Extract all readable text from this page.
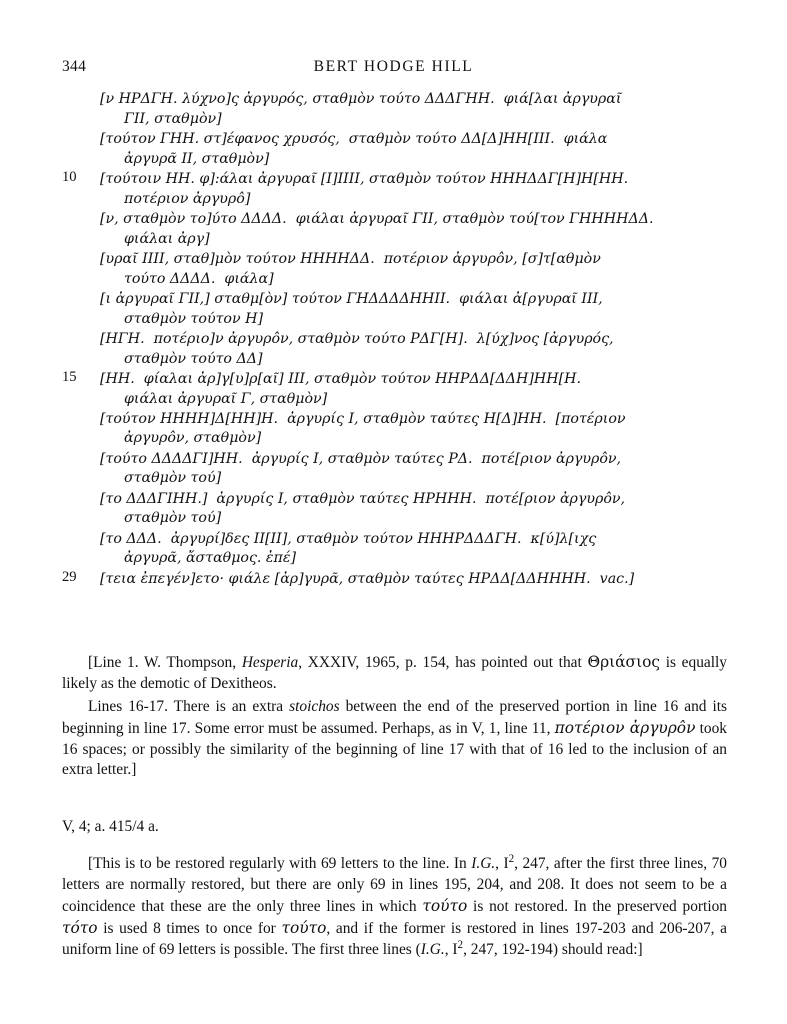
344	BERT HODGE HILL
[ν ΗΡΔΓΗ. λύχνο]ς ἀργυρός, σταθμὸν τούτο ΔΔΔΓΗΗ.  φιά[λαι ἀργυραῖ
ΓΙΙ, σταθμὸν]
[τούτον ΓΗΗ. στ]έφανος χρυσός,  σταθμὸν τούτο ΔΔ[Δ]ΗΗ[ΙΙΙ.  φιάλα
ἀργυρᾶ ΙΙ, σταθμὸν]
10	[τούτοιν ΗΗ. φ]:άλαι ἀργυραῖ [Ι]ΙΙΙΙ, σταθμὸν τούτον ΗΗΗΔΔΓ[Η]Η[ΗΗ.
ποτέριον ἀργυρô]
[ν, σταθμὸν το]ύτο ΔΔΔΔ.  φιάλαι ἀργυραῖ ΓΙΙ, σταθμὸν τού[τον ΓΗΗΗΗΔΔ.
φιάλαι ἀργ]
[υραῖ ΙΙΙΙ, σταθ]μὸν τούτον ΗΗΗΗΔΔ.  ποτέριον ἀργυρôν, [σ]τ[αθμὸν
τούτο ΔΔΔΔ.  φιάλα]
[ι ἀργυραῖ ΓΙΙ,] σταθμ[ὸν] τούτον ΓΗΔΔΔΔΗΗΙΙ.  φιάλαι ἀ[ργυραῖ ΙΙΙ,
σταθμὸν τούτον Η]
[ΗΓΗ.  ποτέριο]ν ἀργυρôν, σταθμὸν τούτο ΡΔΓ[Η].  λ[ύχ]νος [ἀργυρός,
σταθμὸν τούτο ΔΔ]
15	[ΗΗ.  φίαλαι ἀρ]γ[υ]ρ[αῖ] ΙΙΙ, σταθμὸν τούτον ΗΗΡΔΔ[ΔΔΗ]ΗΗ[Η.
φιάλαι ἀργυραῖ Γ, σταθμὸν]
[τούτον ΗΗΗΗ]Δ[ΗΗ]Η.  ἀργυρίς Ι, σταθμὸν ταύτες Η[Δ]ΗΗ.  [ποτέριον
ἀργυρôν, σταθμὸν]
[τούτο ΔΔΔΔΓΙ]ΗΗ.  ἀργυρίς Ι, σταθμὸν ταύτες ΡΔ.  ποτέ[ριον ἀργυρôν,
σταθμὸν τού]
[το ΔΔΔΓΙΗΗ.]  ἀργυρίς Ι, σταθμὸν ταύτες ΗΡΗΗΗ.  ποτέ[ριον ἀργυρôν,
σταθμὸν τού]
[το ΔΔΔ.  ἀργυρί]δες ΙΙ[ΙΙ], σταθμὸν τούτον ΗΗΗΡΔΔΔΓΗ.  κ[ύ]λ[ιχς
ἀργυρᾶ, ἄσταθμος. ἐπέ]
29	[τεια ἐπεγέν]ετο· φιάλε [ἀρ]γυρᾶ, σταθμὸν ταύτες ΗΡΔΔ[ΔΔΗΗΗΗ.  vac.]

[Line 1. W. Thompson, Hesperia, XXXIV, 1965, p. 154, has pointed out that Θριάσιος is equally likely as the demotic of Dexitheos.

Lines 16-17. There is an extra stoichos between the end of the preserved portion in line 16 and its beginning in line 17. Some error must be assumed. Perhaps, as in V, 1, line 11, ποτέριον ἀργυρôν took 16 spaces; or possibly the similarity of the beginning of line 17 with that of 16 led to the inclusion of an extra letter.]

V, 4; a. 415/4 a.

[This is to be restored regularly with 69 letters to the line. In I.G., $I^2$, 247, after the first three lines, 70 letters are normally restored, but there are only 69 in lines 195, 204, and 208. It does not seem to be a coincidence that these are the only three lines in which τούτο is not restored. In the preserved portion τότο is used 8 times to once for τούτο, and if the former is restored in lines 197-203 and 206-207, a uniform line of 69 letters is possible. The first three lines (I.G., $I^2$, 247, 192-194) should read:]
